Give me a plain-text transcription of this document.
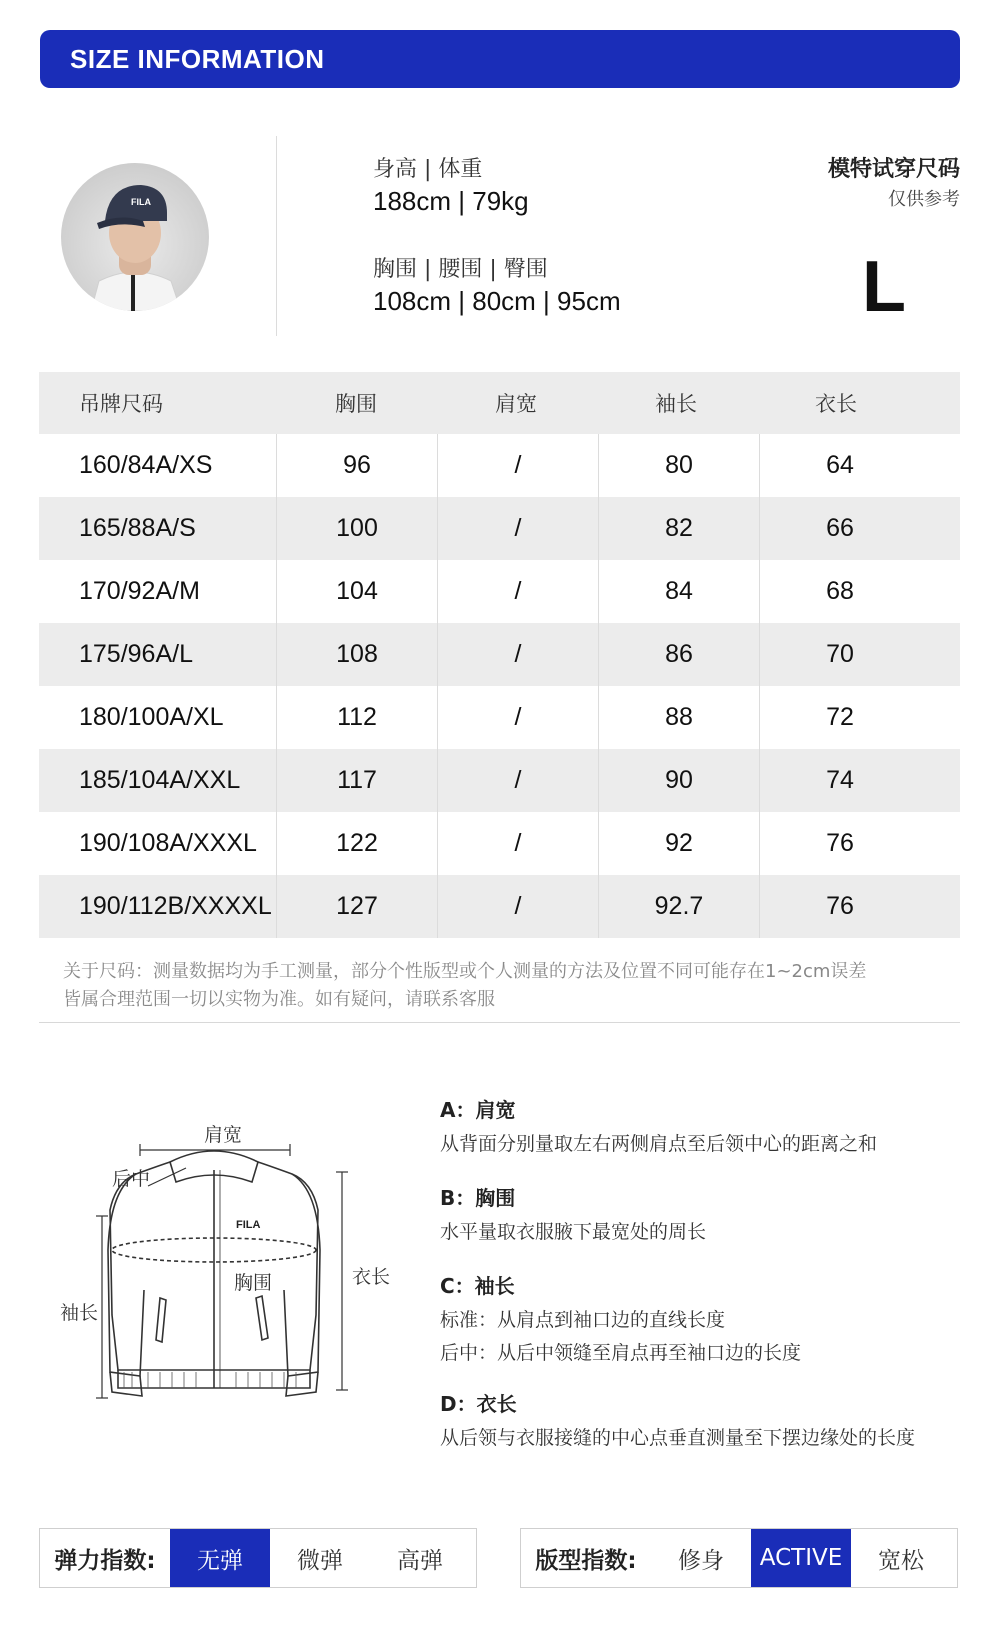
SIZE INFORMATION
FILA
身高 | 体重
188cm | 79kg
胸围 | 腰围 | 臀围
108cm | 80cm | 95cm
模特试穿尺码
仅供参考
L
吊牌尺码	胸围	肩宽	袖长	衣长
160/84A/XS	96	/	80	64
165/88A/S	100	/	82	66
170/92A/M	104	/	84	68
175/96A/L	108	/	86	70
180/100A/XL	112	/	88	72
185/104A/XXL	117	/	90	74
190/108A/XXXL	122	/	92	76
190/112B/XXXXL	127	/	92.7	76
关于尺码：测量数据均为手工测量，部分个性版型或个人测量的方法及位置不同可能存在1~2cm误差
皆属合理范围一切以实物为准。如有疑问，请联系客服
FILA
肩宽
后中
胸围
袖长
衣长

A：肩宽

从背面分别量取左右两侧肩点至后领中心的距离之和

B：胸围

水平量取衣服腋下最宽处的周长

C：袖长

标准：从肩点到袖口边的直线长度

后中：从后中领缝至肩点再至袖口边的长度

D：衣长

从后领与衣服接缝的中心点垂直测量至下摆边缘处的长度

弹力指数:	无弹	微弹	高弹	版型指数:	修身	ACTIVE	宽松
